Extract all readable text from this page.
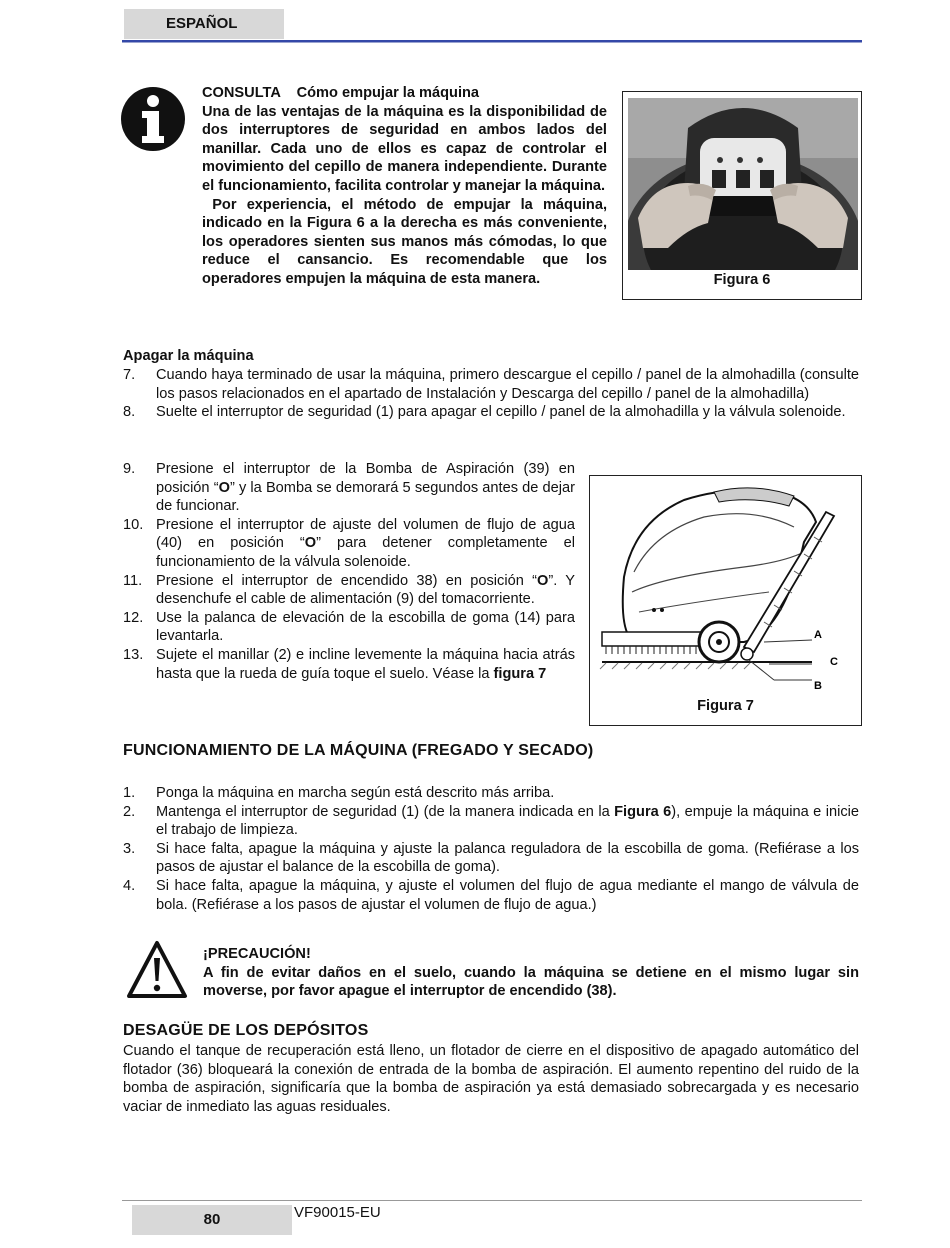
ESPAÑOL

CONSULTA    Cómo empujar la máquina

Una de las ventajas de la máquina es la disponibilidad de dos interruptores de seguridad en ambos lados del manillar. Cada uno de ellos es capaz de controlar el movimiento del cepillo de manera independiente. Durante el funcionamiento, facilita controlar y manejar la máquina.

Por experiencia, el método de empujar la máquina, indicado en la Figura 6 a la derecha es más conveniente, los operadores sienten sus manos más cómodas, lo que reduce el cansancio. Es recomendable que los operadores empujen la máquina de esta manera.	Figura 6
Apagar la máquina
7. Cuando haya terminado de usar la máquina, primero descargue el cepillo / panel de la almohadilla (consulte los pasos relacionados en el apartado de Instalación y Descarga del cepillo / panel de la almohadilla)
8. Suelte el interruptor de seguridad (1) para apagar el cepillo / panel de la almohadilla y la válvula solenoide.
9. Presione el interruptor de la Bomba de Aspiración (39) en posición “O” y la Bomba se demorará 5 segundos antes de dejar de funcionar.
10. Presione el interruptor de ajuste del volumen de flujo de agua (40) en posición “O” para detener completamente el funcionamiento de la válvula solenoide.
11. Presione el interruptor de encendido 38) en posición “O”. Y desenchufe el cable de alimentación (9) del tomacorriente.
12. Use la palanca de elevación de la escobilla de goma (14) para levantarla.
13. Sujete el manillar (2) e incline levemente la máquina hacia atrás hasta que la rueda de guía toque el suelo. Véase la figura 7
A
C
B
Figura 7
FUNCIONAMIENTO DE LA MÁQUINA (FREGADO Y SECADO)
1. Ponga la máquina en marcha según está descrito más arriba.
2. Mantenga el interruptor de seguridad (1) (de la manera indicada en la Figura 6), empuje la máquina e inicie el trabajo de limpieza.
3. Si hace falta, apague la máquina y ajuste la palanca reguladora de la escobilla de goma. (Refiérase a los pasos de ajustar el balance de la escobilla de goma).
4. Si hace falta, apague la máquina, y ajuste el volumen del flujo de agua mediante el mango de válvula de bola. (Refiérase a los pasos de ajustar el volumen de flujo de agua.)

¡PRECAUCIÓN!

A fin de evitar daños en el suelo, cuando la máquina se detiene en el mismo lugar sin moverse, por favor apague el interruptor de encendido (38).

DESAGÜE DE LOS DEPÓSITOS
Cuando el tanque de recuperación está lleno, un flotador de cierre en el dispositivo de apagado automático del flotador (36) bloqueará la conexión de entrada de la bomba de aspiración. El aumento repentino del ruido de la bomba de aspiración, significaría que la bomba de aspiración ya está demasiado sobrecargada y es necesario vaciar de inmediato las aguas residuales.
80	VF90015-EU
